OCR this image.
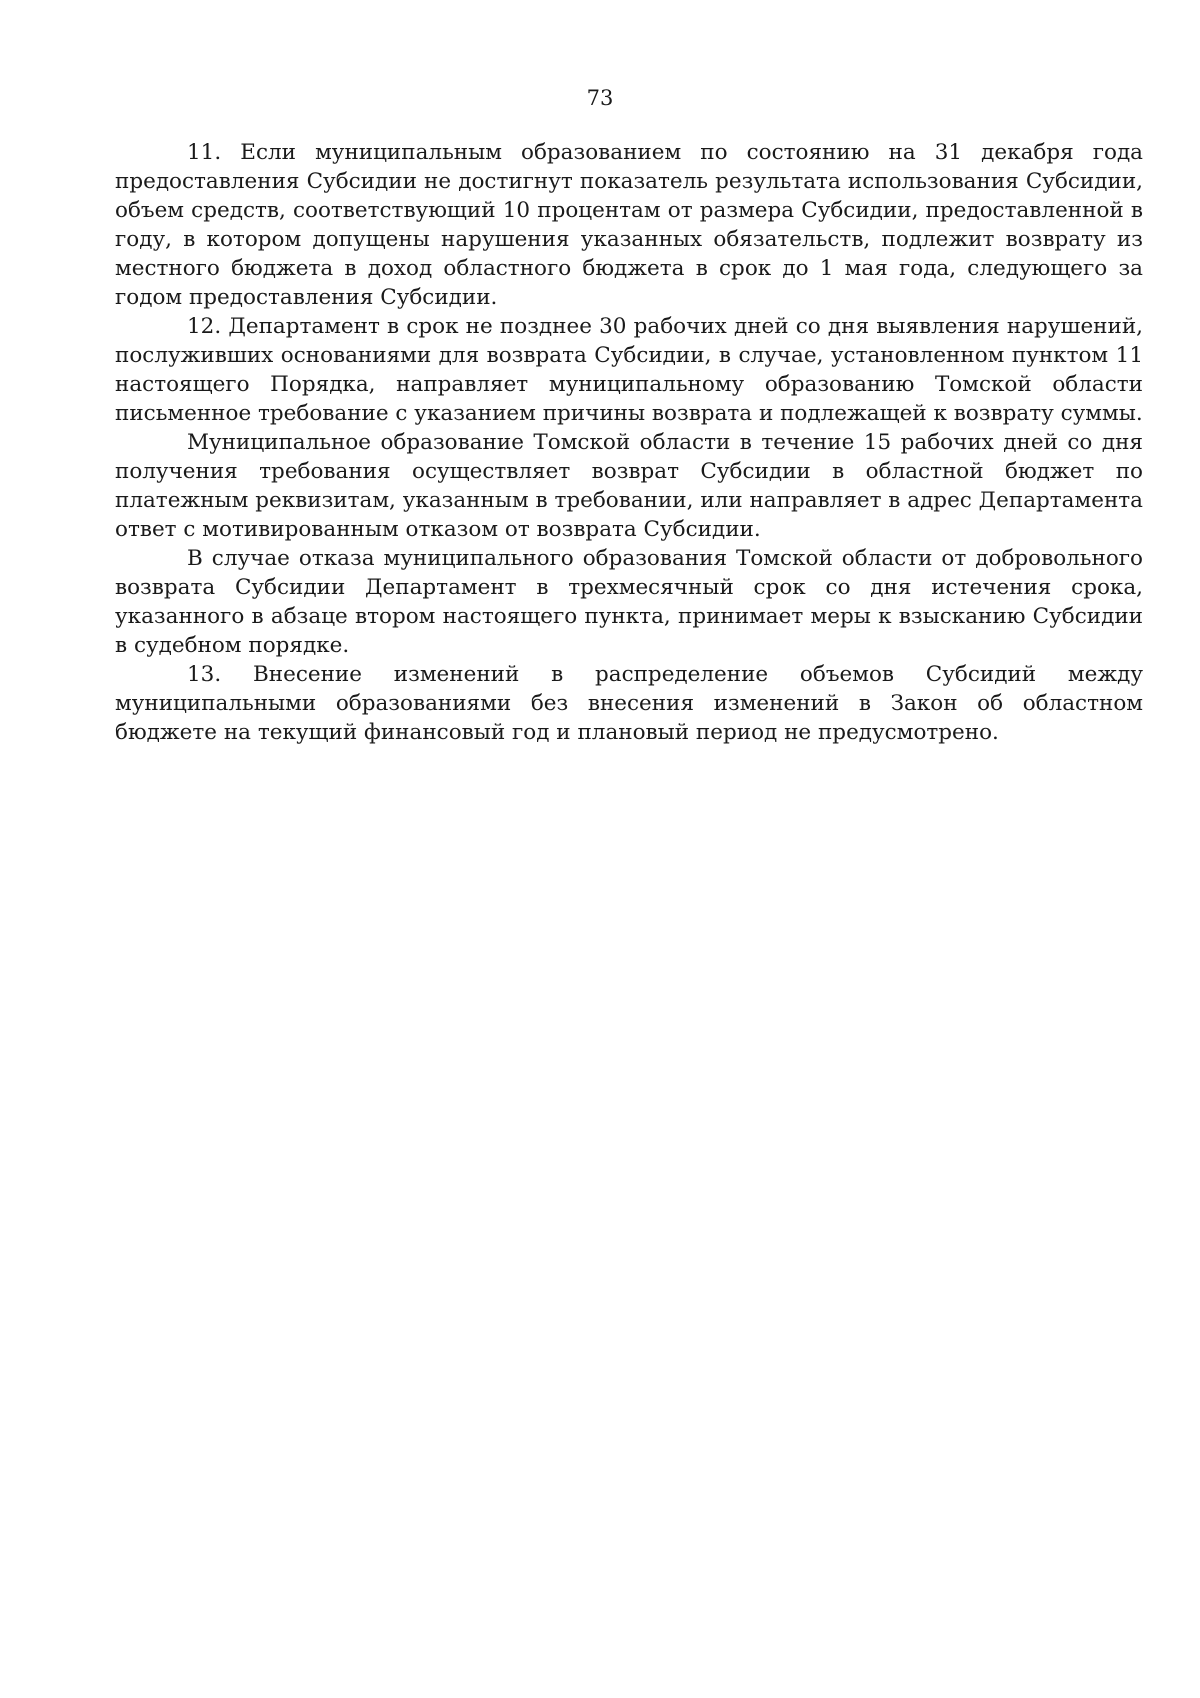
73

11. Если муниципальным образованием по состоянию на 31 декабря года предоставления Субсидии не достигнут показатель результата использования Субсидии, объем средств, соответствующий 10 процентам от размера Субсидии, предоставленной в году, в котором допущены нарушения указанных обязательств, подлежит возврату из местного бюджета в доход областного бюджета в срок до 1 мая года, следующего за годом предоставления Субсидии.

12. Департамент в срок не позднее 30 рабочих дней со дня выявления нарушений, послуживших основаниями для возврата Субсидии, в случае, установленном пунктом 11 настоящего Порядка, направляет муниципальному образованию Томской области письменное требование с указанием причины возврата и подлежащей к возврату суммы.

Муниципальное образование Томской области в течение 15 рабочих дней со дня получения требования осуществляет возврат Субсидии в областной бюджет по платежным реквизитам, указанным в требовании, или направляет в адрес Департамента ответ с мотивированным отказом от возврата Субсидии.

В случае отказа муниципального образования Томской области от добровольного возврата Субсидии Департамент в трехмесячный срок со дня истечения срока, указанного в абзаце втором настоящего пункта, принимает меры к взысканию Субсидии в судебном порядке.

13. Внесение изменений в распределение объемов Субсидий между муниципальными образованиями без внесения изменений в Закон об областном бюджете на текущий финансовый год и плановый период не предусмотрено.
